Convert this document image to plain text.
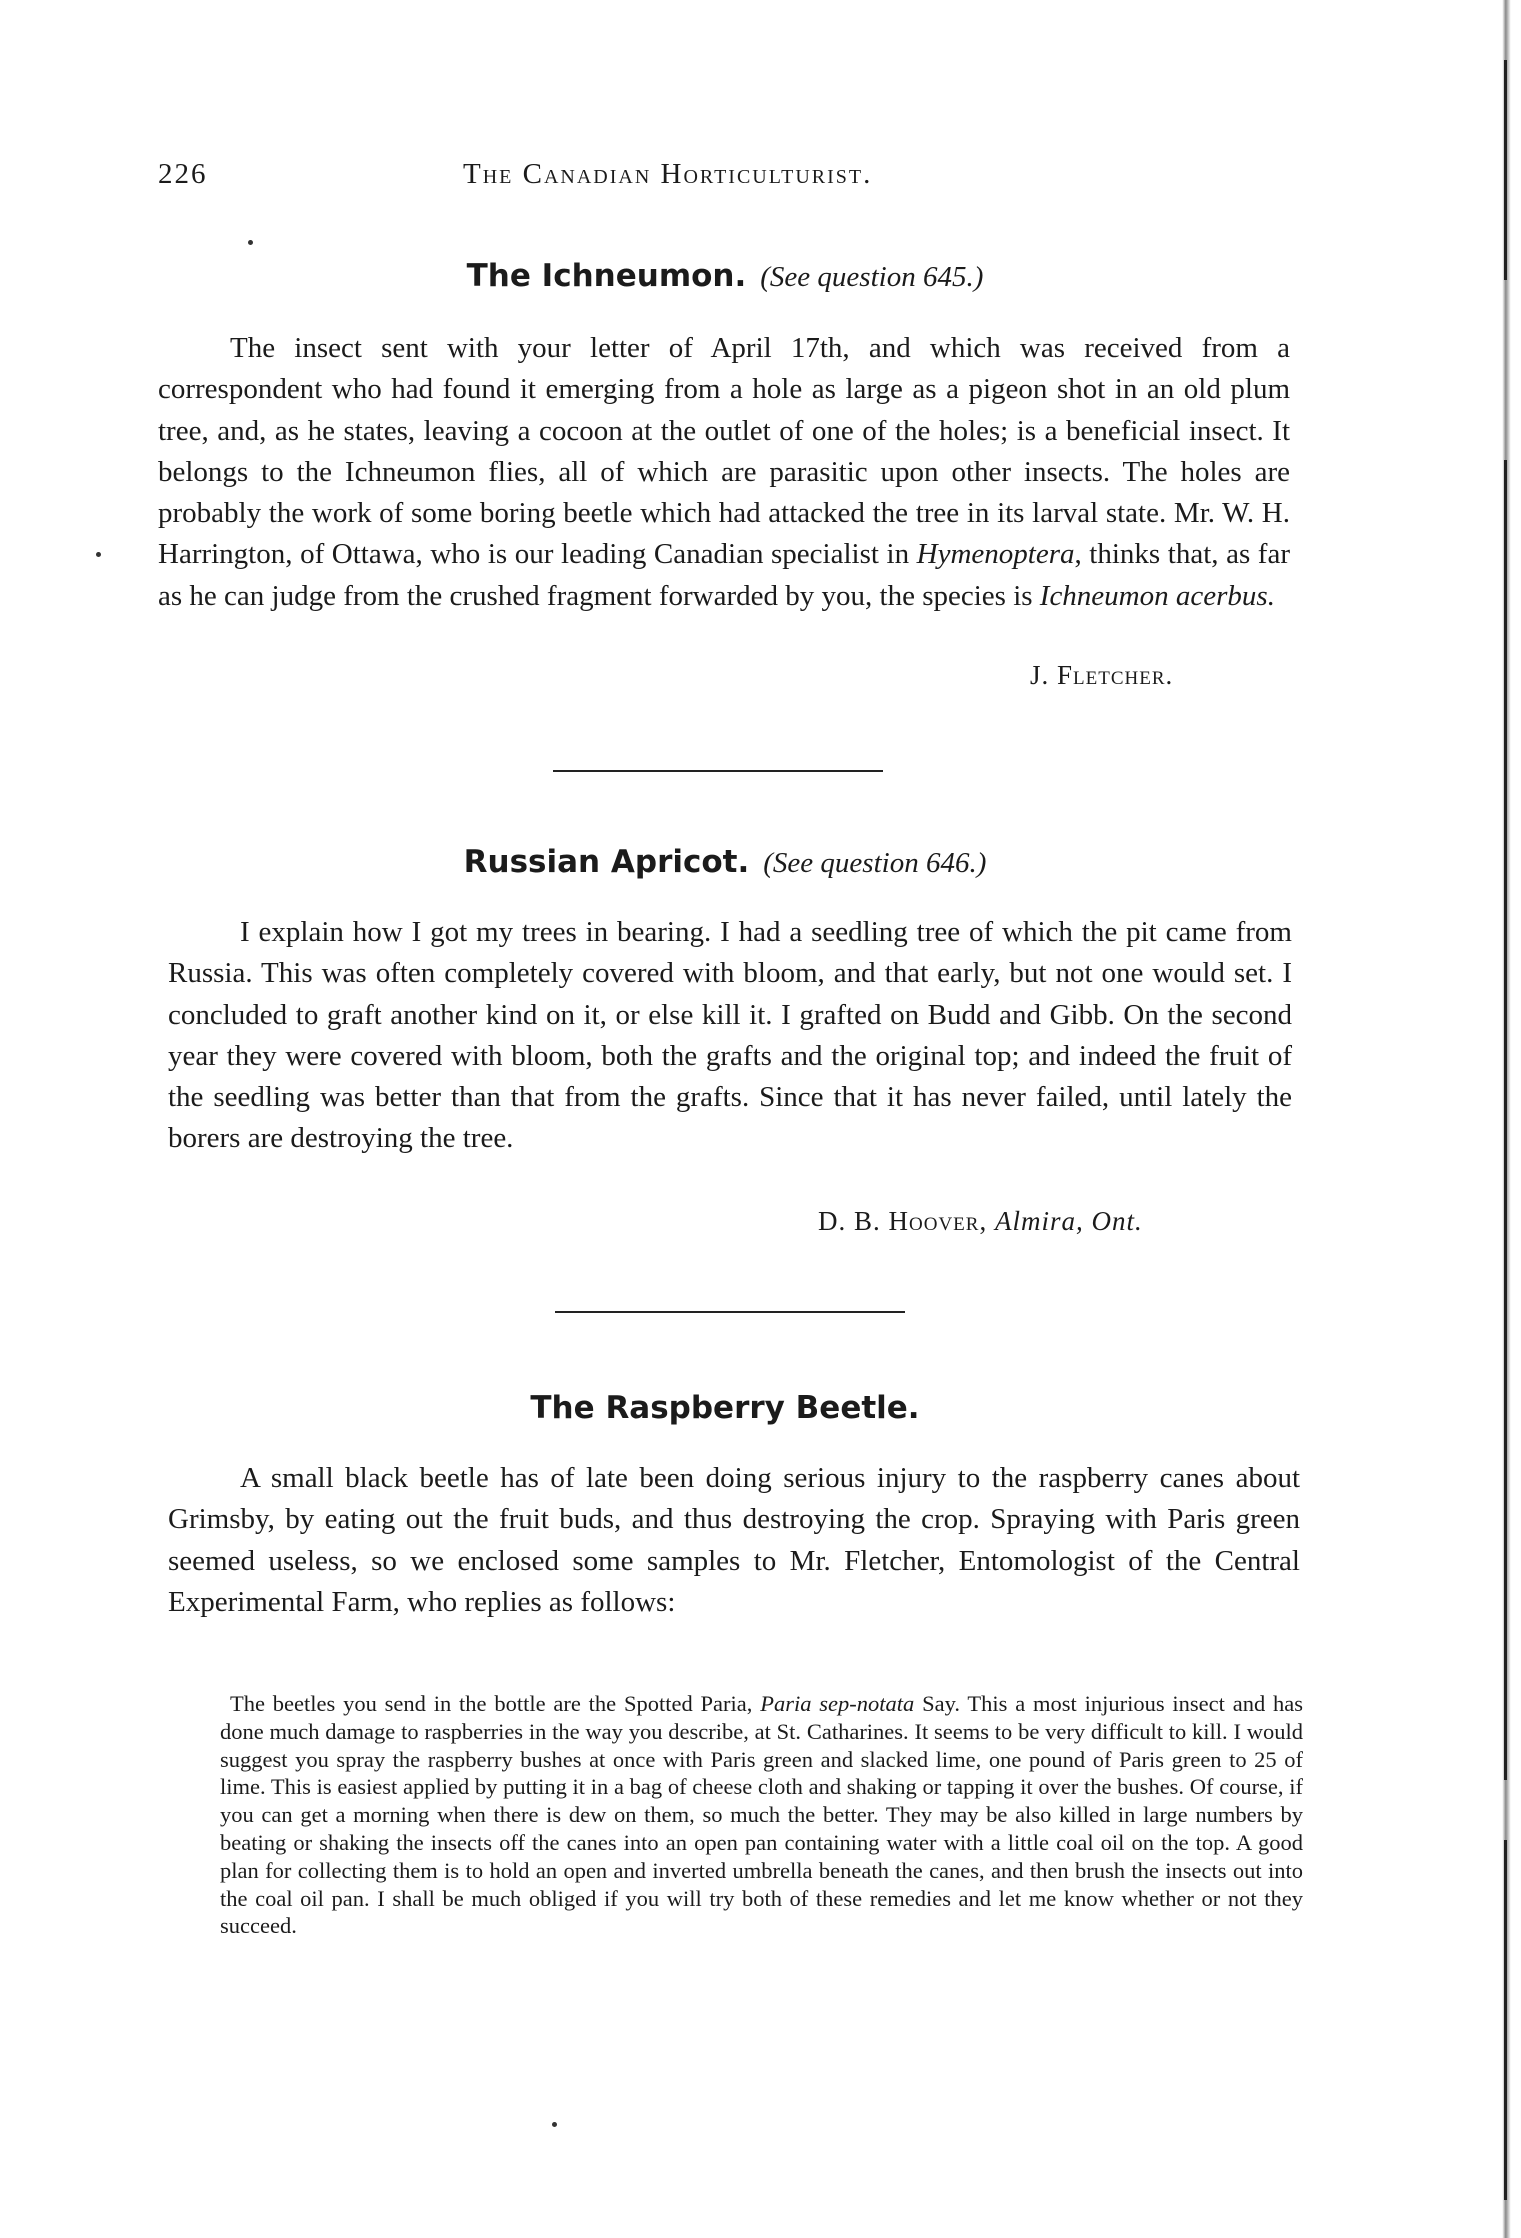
226	The Canadian Horticulturist.
The Ichneumon. (See question 645.)

The insect sent with your letter of April 17th, and which was received from a correspondent who had found it emerging from a hole as large as a pigeon shot in an old plum tree, and, as he states, leaving a cocoon at the outlet of one of the holes; is a beneficial insect. It belongs to the Ichneumon flies, all of which are parasitic upon other insects. The holes are probably the work of some boring beetle which had attacked the tree in its larval state. Mr. W. H. Harrington, of Ottawa, who is our leading Canadian specialist in Hymenoptera, thinks that, as far as he can judge from the crushed fragment forwarded by you, the species is Ichneumon acerbus.

J. Fletcher.
Russian Apricot. (See question 646.)

I explain how I got my trees in bearing. I had a seedling tree of which the pit came from Russia. This was often completely covered with bloom, and that early, but not one would set. I concluded to graft another kind on it, or else kill it. I grafted on Budd and Gibb. On the second year they were covered with bloom, both the grafts and the original top; and indeed the fruit of the seedling was better than that from the grafts. Since that it has never failed, until lately the borers are destroying the tree.

D. B. Hoover, Almira, Ont.
The Raspberry Beetle.

A small black beetle has of late been doing serious injury to the raspberry canes about Grimsby, by eating out the fruit buds, and thus destroying the crop. Spraying with Paris green seemed useless, so we enclosed some samples to Mr. Fletcher, Entomologist of the Central Experimental Farm, who replies as follows:

The beetles you send in the bottle are the Spotted Paria, Paria sep-notata Say. This a most injurious insect and has done much damage to raspberries in the way you describe, at St. Catharines. It seems to be very difficult to kill. I would suggest you spray the raspberry bushes at once with Paris green and slacked lime, one pound of Paris green to 25 of lime. This is easiest applied by putting it in a bag of cheese cloth and shaking or tapping it over the bushes. Of course, if you can get a morning when there is dew on them, so much the better. They may be also killed in large numbers by beating or shaking the insects off the canes into an open pan containing water with a little coal oil on the top. A good plan for collecting them is to hold an open and inverted umbrella beneath the canes, and then brush the insects out into the coal oil pan. I shall be much obliged if you will try both of these remedies and let me know whether or not they succeed.
